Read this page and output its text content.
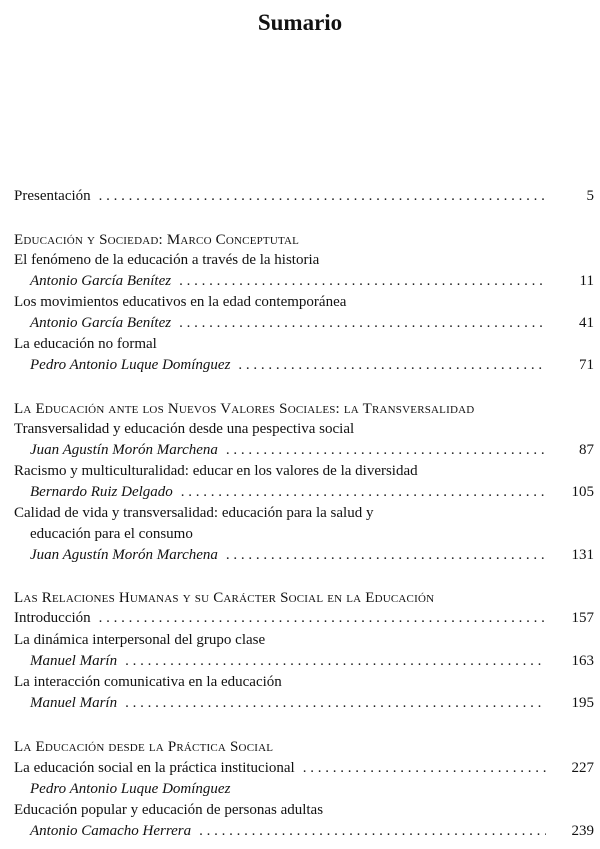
Sumario
Presentación . . .	5
Educación y Sociedad: Marco Conceptutal
El fenómeno de la educación a través de la historia
Antonio García Benítez . . .	11
Los movimientos educativos en la edad contemporánea
Antonio García Benítez . . .	41
La educación no formal
Pedro Antonio Luque Domínguez . . .	71
La Educación ante los Nuevos Valores Sociales: la Transversalidad
Transversalidad y educación desde una pespectiva social
Juan Agustín Morón Marchena . . .	87
Racismo y multiculturalidad: educar en los valores de la diversidad
Bernardo Ruiz Delgado . . .	105
Calidad de vida y transversalidad: educación para la salud y
educación para el consumo
Juan Agustín Morón Marchena . . .	131
Las Relaciones Humanas y su Carácter Social en la Educación
Introducción . . .	157
La dinámica interpersonal del grupo clase
Manuel Marín . . .	163
La interacción comunicativa en la educación
Manuel Marín . . .	195
La Educación desde la Práctica Social
La educación social en la práctica institucional . . .	227
Pedro Antonio Luque Domínguez
Educación popular y educación de personas adultas
Antonio Camacho Herrera . . .	239
